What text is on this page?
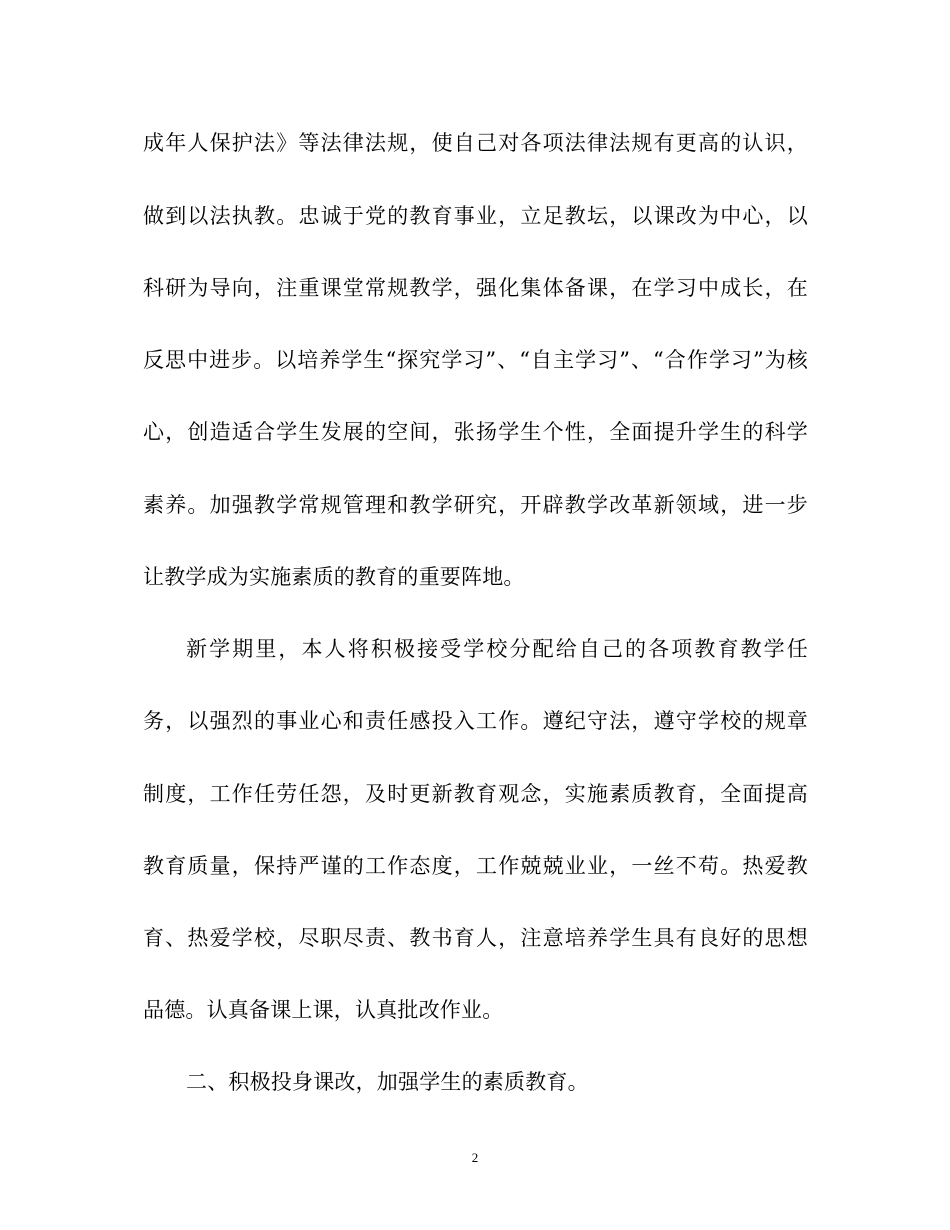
成年人保护法》等法律法规，使自己对各项法律法规有更高的认识，
做到以法执教。忠诚于党的教育事业，立足教坛，以课改为中心，以
科研为导向，注重课堂常规教学，强化集体备课，在学习中成长，在
反思中进步。以培养学生“探究学习”、“自主学习”、“合作学习”为核
心，创造适合学生发展的空间，张扬学生个性，全面提升学生的科学
素养。加强教学常规管理和教学研究，开辟教学改革新领域，进一步
让教学成为实施素质的教育的重要阵地。
新学期里，本人将积极接受学校分配给自己的各项教育教学任
务，以强烈的事业心和责任感投入工作。遵纪守法，遵守学校的规章
制度，工作任劳任怨，及时更新教育观念，实施素质教育，全面提高
教育质量，保持严谨的工作态度，工作兢兢业业，一丝不苟。热爱教
育、热爱学校，尽职尽责、教书育人，注意培养学生具有良好的思想
品德。认真备课上课，认真批改作业。
二、积极投身课改，加强学生的素质教育。
2
